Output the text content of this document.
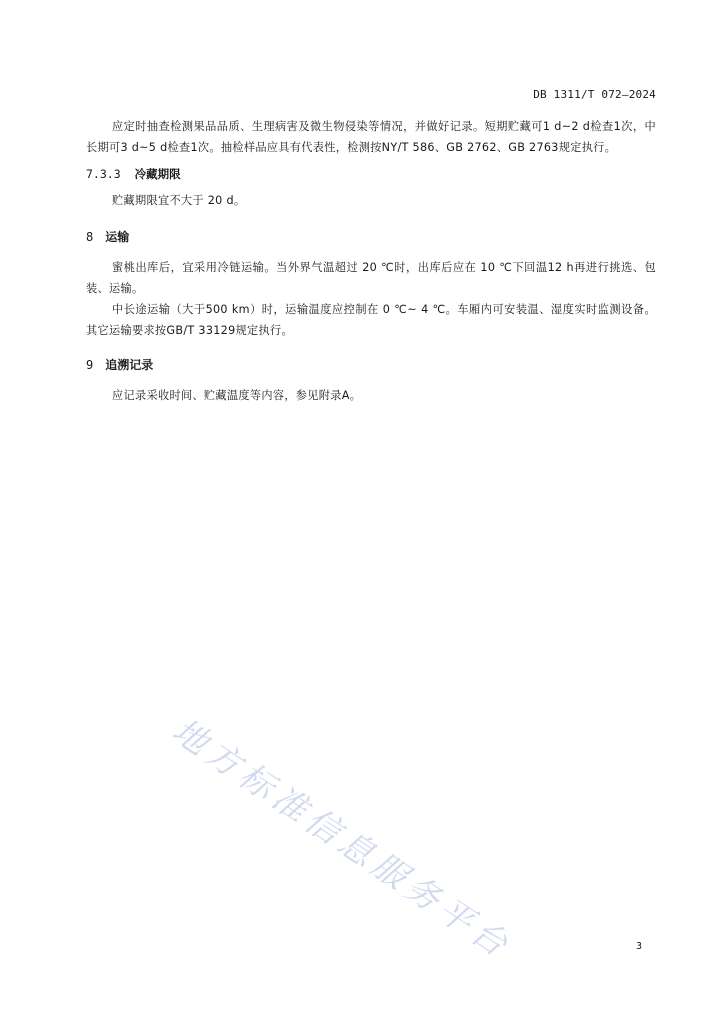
DB 1311/T 072—2024

应定时抽查检测果品品质、生理病害及微生物侵染等情况，并做好记录。短期贮藏可1 d~2 d检查1次，中长期可3 d~5 d检查1次。抽检样品应具有代表性，检测按NY/T 586、GB 2762、GB 2763规定执行。

7.3.3 冷藏期限

贮藏期限宜不大于 20 d。

8 运输

蜜桃出库后，宜采用冷链运输。当外界气温超过 20 ℃时，出库后应在 10 ℃下回温12 h再进行挑选、包装、运输。

中长途运输（大于500 km）时，运输温度应控制在 0 ℃~ 4 ℃。车厢内可安装温、湿度实时监测设备。其它运输要求按GB/T 33129规定执行。

9 追溯记录

应记录采收时间、贮藏温度等内容，参见附录A。

地方标准信息服务平台	3
